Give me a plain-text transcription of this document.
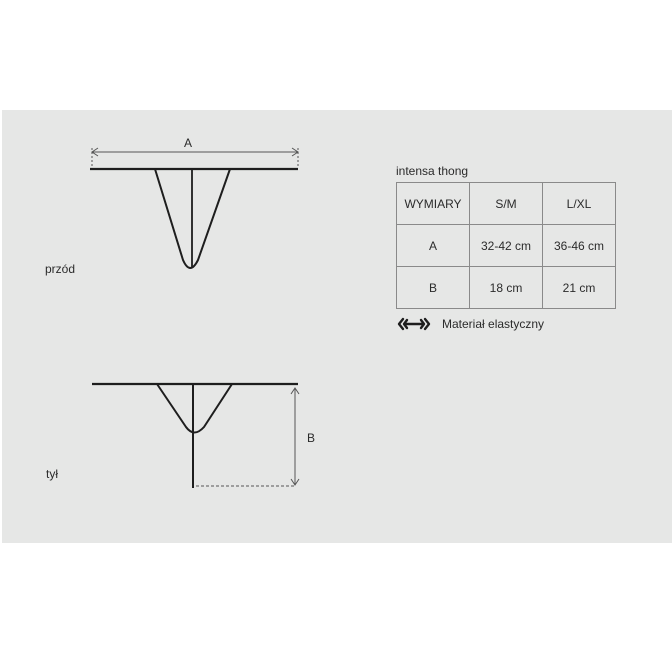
A
B
przód
tył
intensa thong
WYMIARY	S/M	L/XL
A	32-42 cm	36-46 cm
B	18 cm	21 cm
Materiał elastyczny
